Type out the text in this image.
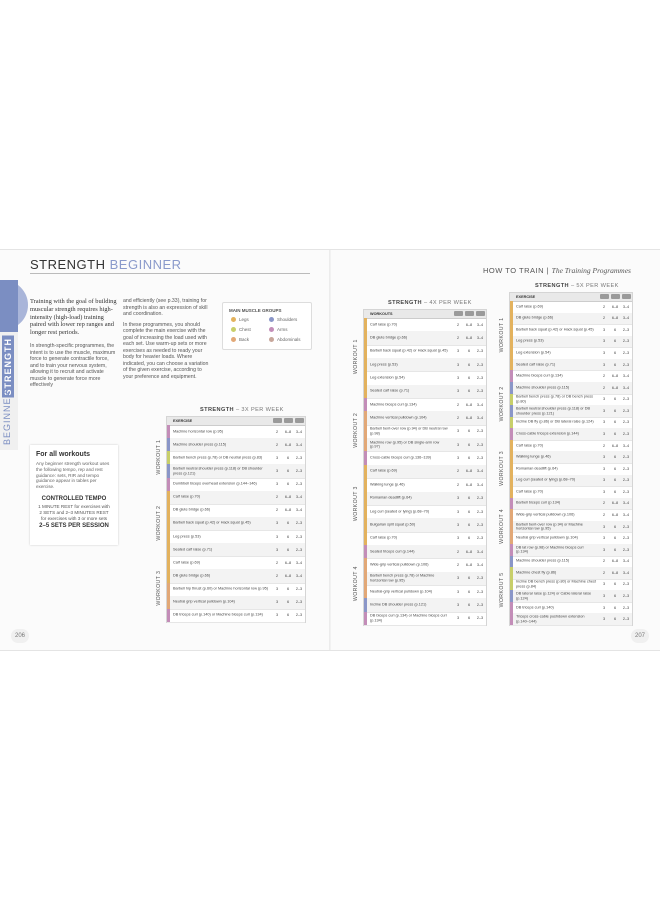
STRENGTH
BEGINNER
STRENGTH BEGINNER

Training with the goal of building muscular strength requires high-intensity (high-load) training paired with lower rep ranges and longer rest periods.

In strength-specific programmes, the intent is to use the muscle, maximum force to generate contractile force, and to train your nervous system, allowing it to recruit and activate muscle to generate force more effectively

and efficiently (see p.33), training for strength is also an expression of skill and coordination.

In these programmes, you should complete the main exercise with the goal of increasing the load used with each set. Use warm-up sets or more exercises as needed to ready your body for heavier loads. Where indicated, you can choose a variation of the given exercise, according to your preference and equipment.

MAIN MUSCLE GROUPS
Legs	Shoulders
Chest	Arms
Back	Abdominals
For all workouts
Any beginner strength workout uses the following tempo, rep and rest guidance: sets, RIR and tempo guidance appear in tables per exercise.
CONTROLLED TEMPO
1 MINUTE REST for exercises with
2 SETS and 2–3 MINUTES REST
for exercises with 3 or more sets
2–5 SETS PER SESSION
STRENGTH – 3X PER WEEK
EXERCISE
Machine horizontal row (p.95)	2	6–8	3–4
Machine shoulder press (p.115)	2	6–8	3–4
Barbell bench press (p.78) or DB neutral press (p.83)	3	6	2–3
Barbell neutral shoulder press (p.118) or DB shoulder press (p.121)	3	6	2–3
Dumbbell biceps overhead extension (p.144–146)	3	6	2–3
Calf raise (p.70)	2	6–8	3–4
DB glute bridge (p.66)	2	6–8	3–4
Barbell back squat (p.42) or Hack squat (p.45)	3	6	2–3
Leg press (p.53)	3	6	2–3
Seated calf raise (p.71)	3	6	2–3
Calf raise (p.69)	2	6–8	3–4
DB glute bridge (p.66)	2	6–8	3–4
Barbell hip thrust (p.60) or Machine horizontal row (p.95)	3	6	2–3
Neutral grip vertical pulldown (p.104)	3	6	2–3
DB triceps curl (p.140) or Machine biceps curl (p.134)	3	6	2–3
206
HOW TO TRAIN | The Training Programmes
STRENGTH – 4X PER WEEK
WORKOUTS
Calf raise (p.70)	2	6–8	3–4
DB glute bridge (p.66)	2	6–8	3–4
Barbell back squat (p.42) or Hack squat (p.45)	3	6	2–3
Leg press (p.53)	3	6	2–3
Leg extension (p.54)	3	6	2–3
Seated calf raise (p.71)	3	6	2–3
Machine biceps curl (p.134)	2	6–8	3–4
Machine vertical pulldown (p.104)	2	6–8	3–4
Barbell bent-over row (p.94) or DB neutral row (p.98)	3	6	2–3
Machine row (p.95) or DB single-arm row (p.97)	3	6	2–3
Cross-cable biceps curl (p.136–139)	3	6	2–3
Calf raise (p.69)	2	6–8	3–4
Walking lunge (p.46)	2	6–8	3–4
Romanian deadlift (p.64)	3	6	2–3
Leg curl (seated or lying) (p.68–70)	3	6	2–3
Bulgarian split squat (p.50)	3	6	2–3
Calf raise (p.70)	3	6	2–3
Seated triceps curl (p.144)	2	6–8	3–4
Wide-grip vertical pulldown (p.106)	2	6–8	3–4
Barbell bench press (p.78) or Machine horizontal row (p.95)	3	6	2–3
Neutral-grip vertical pulldown (p.104)	3	6	2–3
Incline DB shoulder press (p.121)	3	6	2–3
DB biceps curl (p.134) or Machine biceps curl (p.134)	3	6	2–3
STRENGTH – 5X PER WEEK
EXERCISE
Calf raise (p.69)	2	6–8	3–4
DB glute bridge (p.66)	2	6–8	3–4
Barbell back squat (p.42) or Hack squat (p.45)	3	6	2–3
Leg press (p.53)	3	6	2–3
Leg extension (p.54)	3	6	2–3
Seated calf raise (p.71)	3	6	2–3
Machine biceps curl (p.134)	2	6–8	3–4
Machine shoulder press (p.115)	2	6–8	3–4
Barbell bench press (p.78) or DB bench press (p.80)	3	6	2–3
Barbell neutral shoulder press (p.118) or DB shoulder press (p.121)	3	6	2–3
Incline DB fly (p.86) or DB lateral raise (p.124)	3	6	2–3
Cross-cable triceps extension (p.144)	3	6	2–3
Calf raise (p.70)	2	6–8	3–4
Walking lunge (p.46)	3	6	2–3
Romanian deadlift (p.64)	3	6	2–3
Leg curl (seated or lying) (p.68–70)	3	6	2–3
Calf raise (p.70)	3	6	2–3
Barbell biceps curl (p.134)	2	6–8	3–4
Wide-grip vertical pulldown (p.106)	2	6–8	3–4
Barbell bent-over row (p.94) or Machine horizontal row (p.95)	3	6	2–3
Neutral grip vertical pulldown (p.104)	3	6	2–3
DB lat row (p.98) or Machine biceps curl (p.134)	3	6	2–3
Machine shoulder press (p.115)	2	6–8	3–4
Machine chest fly (p.86)	2	6–8	3–4
Incline DB bench press (p.80) or Machine chest press (p.84)	3	6	2–3
DB lateral raise (p.124) or Cable lateral raise (p.124)	3	6	2–3
DB triceps curl (p.140)	3	6	2–3
Triceps cross-cable pushdown extension (p.140–144)	3	6	2–3
207
WORKOUT 1
WORKOUT 2
WORKOUT 3
WORKOUT 1
WORKOUT 2
WORKOUT 3
WORKOUT 4
WORKOUT 1
WORKOUT 2
WORKOUT 3
WORKOUT 4
WORKOUT 5
